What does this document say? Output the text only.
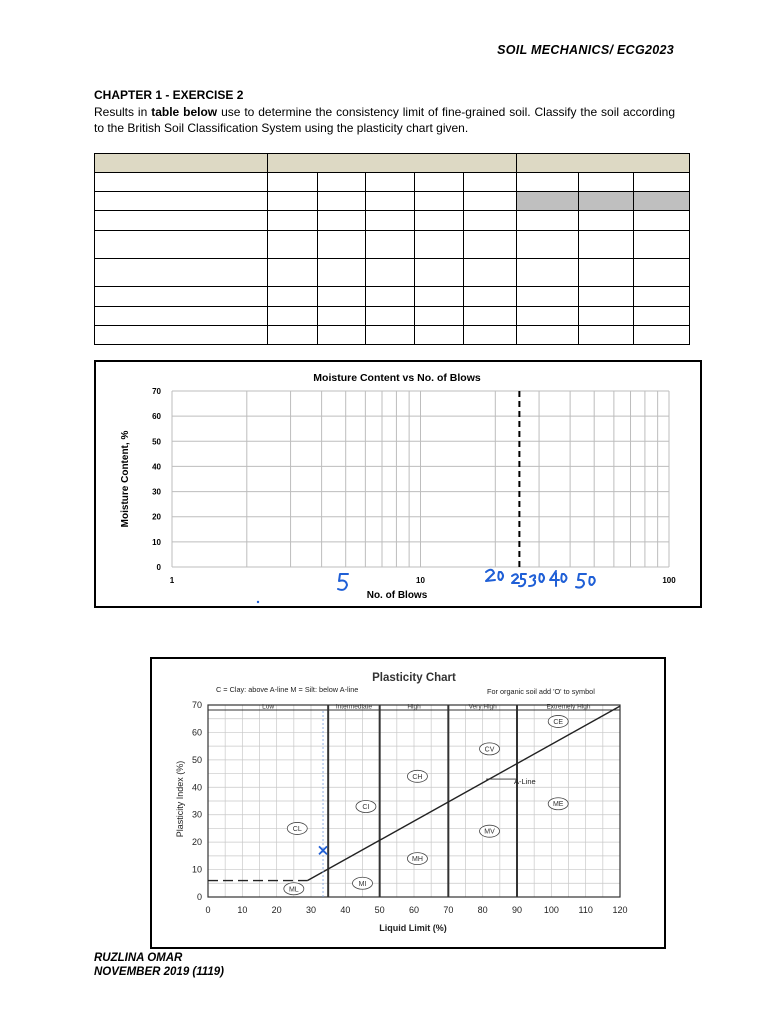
SOIL MECHANICS/ ECG2023
CHAPTER 1 - EXERCISE 2
Results in table below use to determine the consistency limit of fine-grained soil. Classify the soil according to the British Soil Classification System using the plasticity chart given.

Moisture Content vs No. of Blows
0
10
20
30
40
50
60
70
1	10	100
No. of Blows
Moisture Content, %
Plasticity Chart
C = Clay: above A-line M = Silt: below A-line	For organic soil add 'O' to symbol
Low	Intermediate	High	Very High	Extremely High
0
10
20
30
40
50
60
70
0	10	20	30	40	50	60	70	80	90 100 110 120
CL
ML
CI
MI
CH
MH
CV
MV
CE
ME
A-Line
Liquid Limit (%)
Plasticity Index (%)
RUZLINA OMAR
NOVEMBER 2019 (1119)
